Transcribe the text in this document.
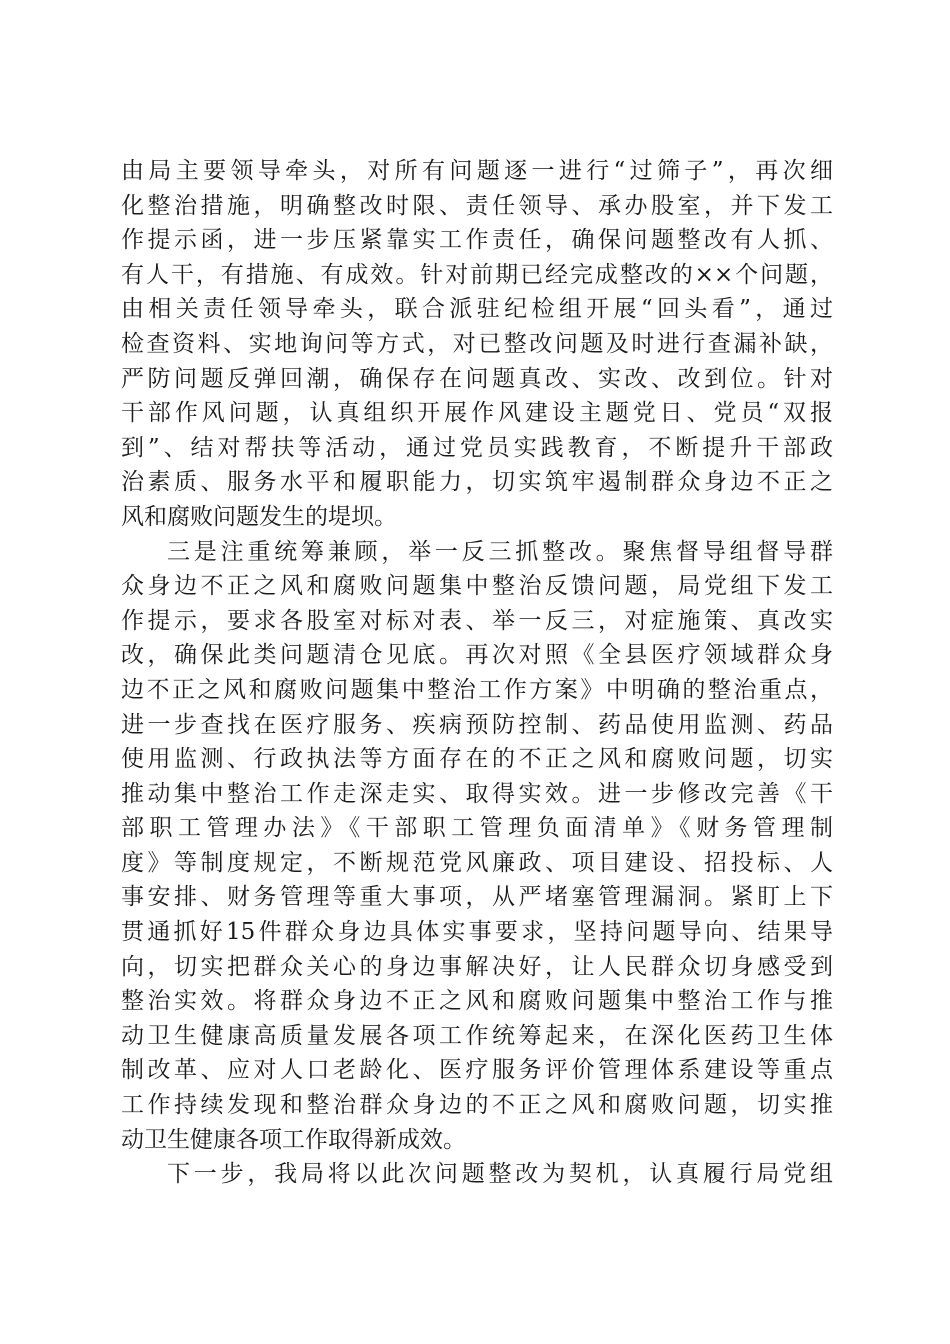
由局主要领导牵头，对所有问题逐一进行“过筛子”，再次细
化整治措施，明确整改时限、责任领导、承办股室，并下发工
作提示函，进一步压紧靠实工作责任，确保问题整改有人抓、
有人干，有措施、有成效。针对前期已经完成整改的××个问题，
由相关责任领导牵头，联合派驻纪检组开展“回头看”，通过
检查资料、实地询问等方式，对已整改问题及时进行查漏补缺，
严防问题反弹回潮，确保存在问题真改、实改、改到位。针对
干部作风问题，认真组织开展作风建设主题党日、党员“双报
到”、结对帮扶等活动，通过党员实践教育，不断提升干部政
治素质、服务水平和履职能力，切实筑牢遏制群众身边不正之
风和腐败问题发生的堤坝。
三是注重统筹兼顾，举一反三抓整改。聚焦督导组督导群
众身边不正之风和腐败问题集中整治反馈问题，局党组下发工
作提示，要求各股室对标对表、举一反三，对症施策、真改实
改，确保此类问题清仓见底。再次对照《全县医疗领域群众身
边不正之风和腐败问题集中整治工作方案》中明确的整治重点，
进一步查找在医疗服务、疾病预防控制、药品使用监测、药品
使用监测、行政执法等方面存在的不正之风和腐败问题，切实
推动集中整治工作走深走实、取得实效。进一步修改完善《干
部职工管理办法》《干部职工管理负面清单》《财务管理制
度》等制度规定，不断规范党风廉政、项目建设、招投标、人
事安排、财务管理等重大事项，从严堵塞管理漏洞。紧盯上下
贯通抓好15件群众身边具体实事要求，坚持问题导向、结果导
向，切实把群众关心的身边事解决好，让人民群众切身感受到
整治实效。将群众身边不正之风和腐败问题集中整治工作与推
动卫生健康高质量发展各项工作统筹起来，在深化医药卫生体
制改革、应对人口老龄化、医疗服务评价管理体系建设等重点
工作持续发现和整治群众身边的不正之风和腐败问题，切实推
动卫生健康各项工作取得新成效。
下一步，我局将以此次问题整改为契机，认真履行局党组
